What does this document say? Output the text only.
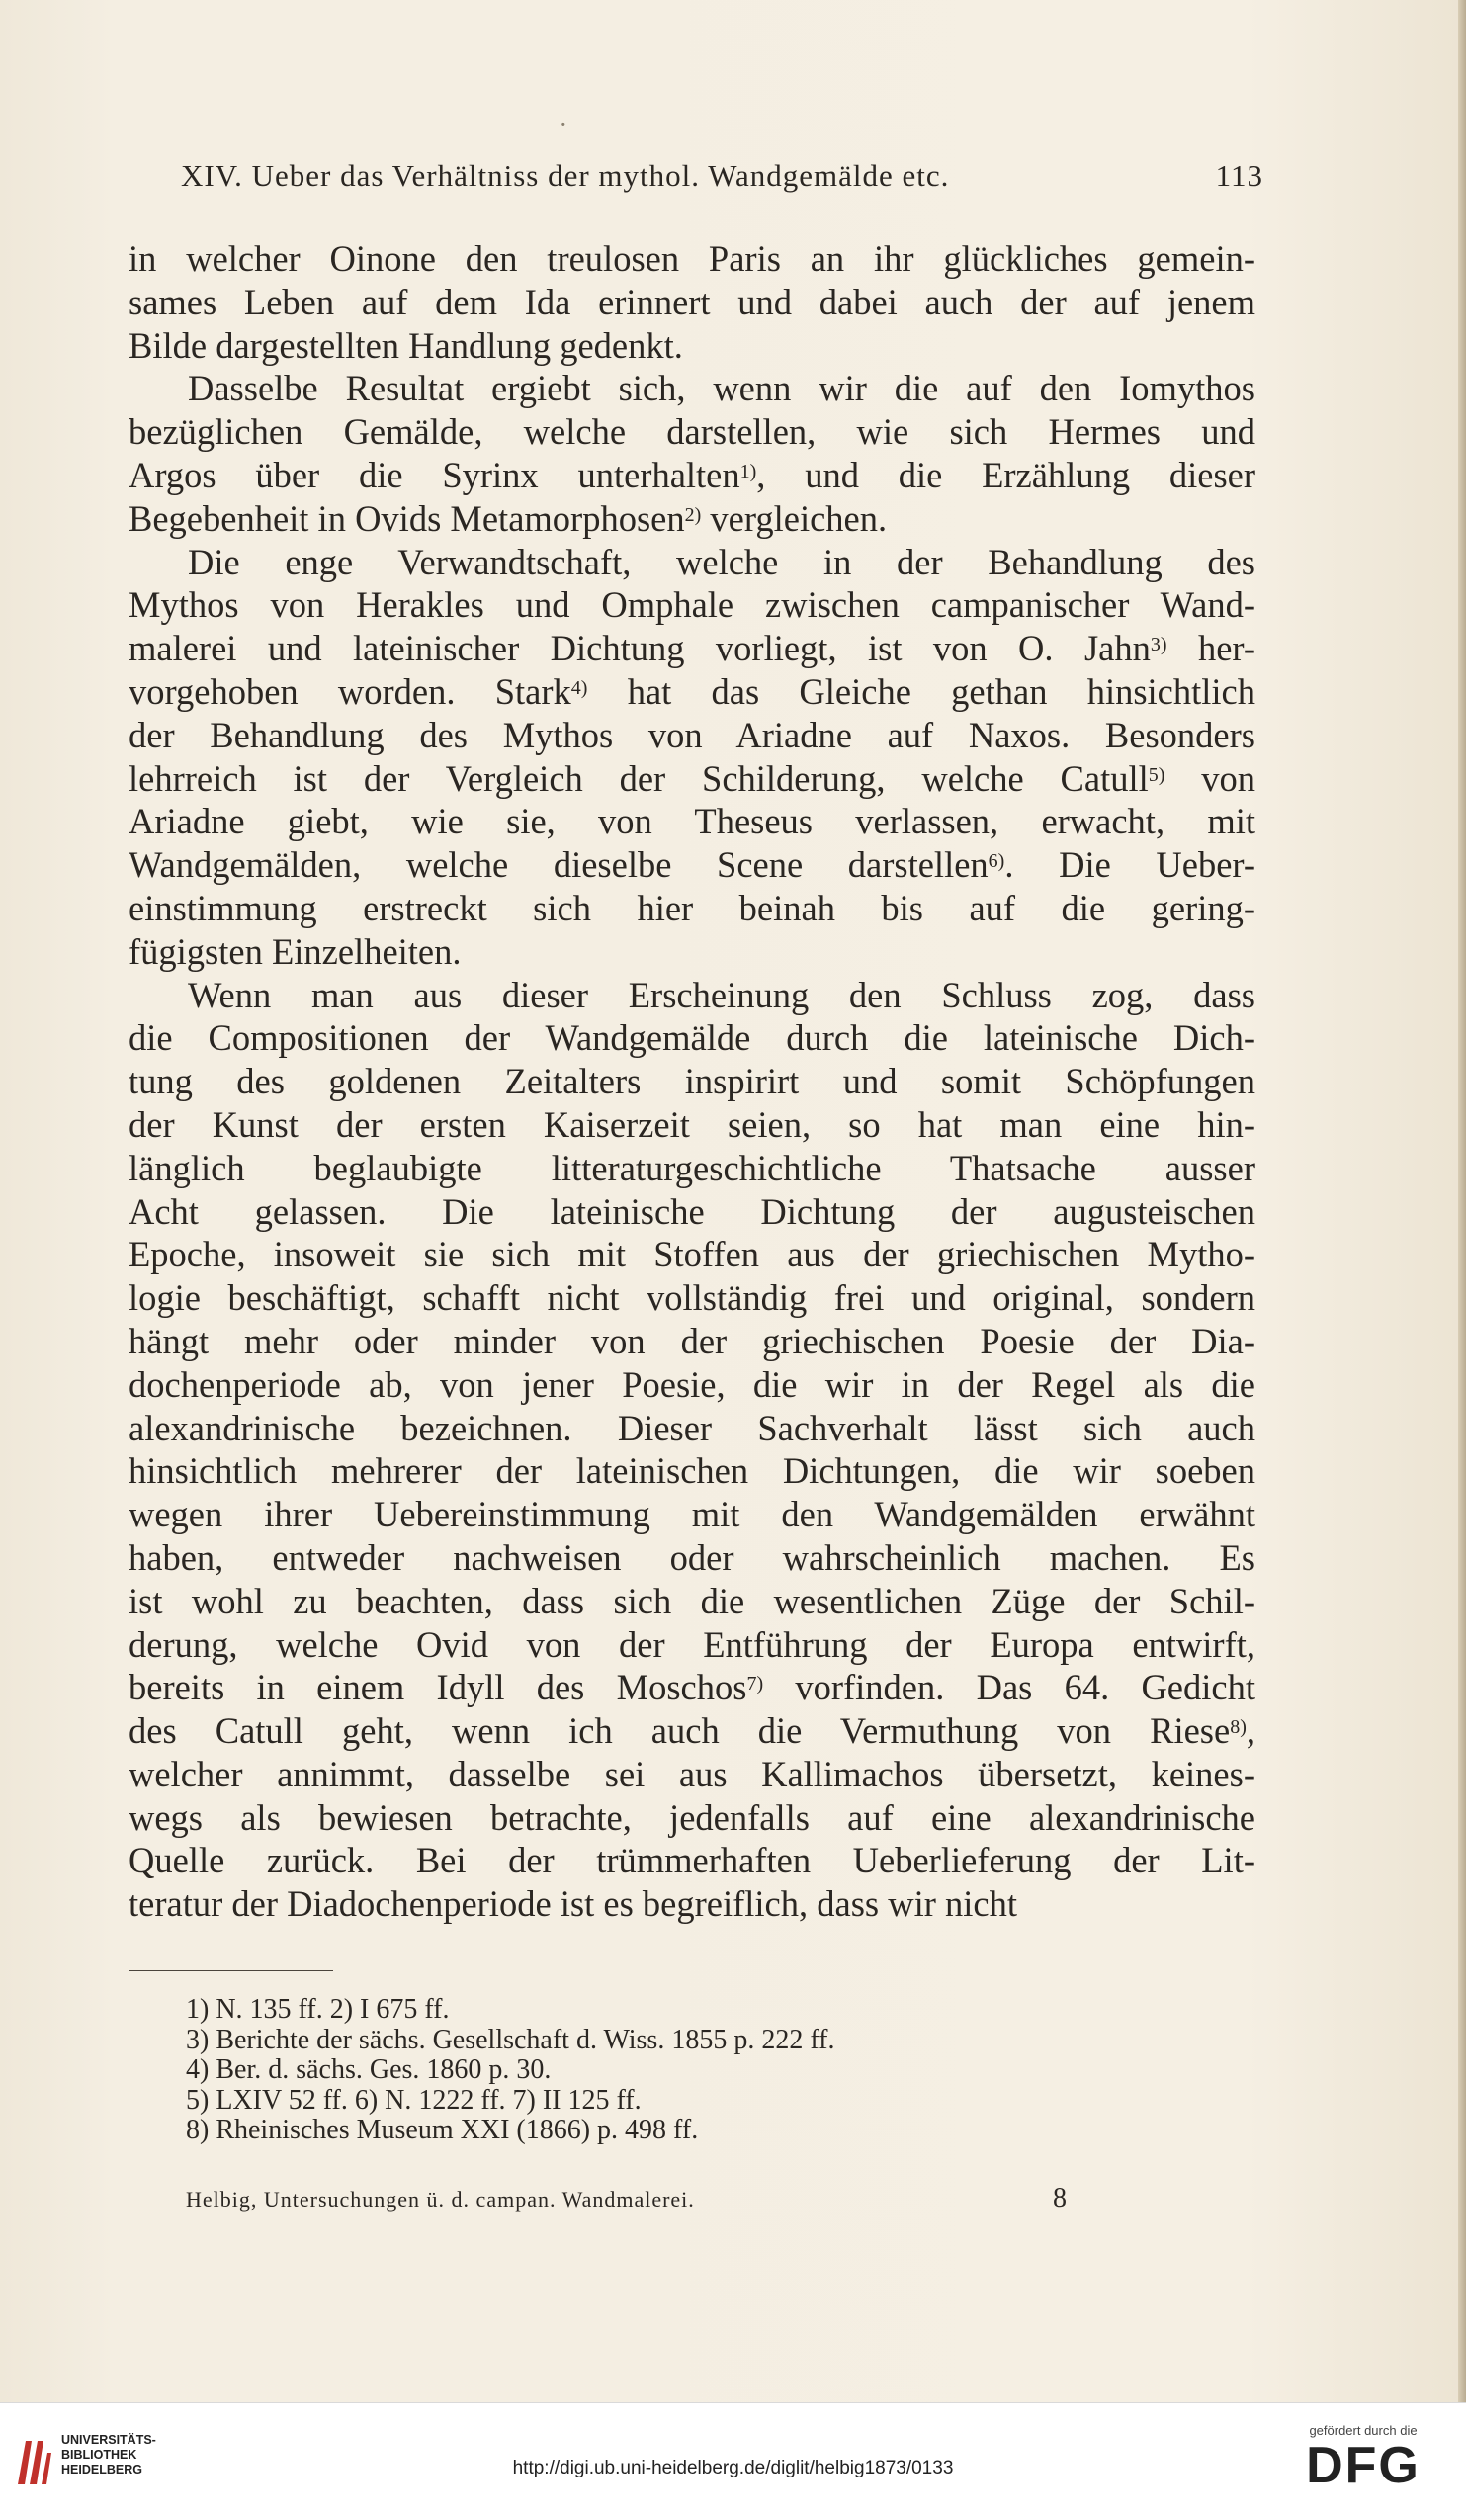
·
XIV. Ueber das Verhältniss der mythol. Wandgemälde etc.	113
in welcher Oinone den treulosen Paris an ihr glückliches gemein-
sames Leben auf dem Ida erinnert und dabei auch der auf jenem
Bilde dargestellten Handlung gedenkt.
Dasselbe Resultat ergiebt sich, wenn wir die auf den Iomythos
bezüglichen Gemälde, welche darstellen, wie sich Hermes und
Argos über die Syrinx unterhalten$^{1)}$, und die Erzählung dieser
Begebenheit in Ovids Metamorphosen$^{2)}$ vergleichen.
Die enge Verwandtschaft, welche in der Behandlung des
Mythos von Herakles und Omphale zwischen campanischer Wand-
malerei und lateinischer Dichtung vorliegt, ist von O. Jahn$^{3)}$ her-
vorgehoben worden. Stark$^{4)}$ hat das Gleiche gethan hinsichtlich
der Behandlung des Mythos von Ariadne auf Naxos. Besonders
lehrreich ist der Vergleich der Schilderung, welche Catull$^{5)}$ von
Ariadne giebt, wie sie, von Theseus verlassen, erwacht, mit
Wandgemälden, welche dieselbe Scene darstellen$^{6)}$. Die Ueber-
einstimmung erstreckt sich hier beinah bis auf die gering-
fügigsten Einzelheiten.
Wenn man aus dieser Erscheinung den Schluss zog, dass
die Compositionen der Wandgemälde durch die lateinische Dich-
tung des goldenen Zeitalters inspirirt und somit Schöpfungen
der Kunst der ersten Kaiserzeit seien, so hat man eine hin-
länglich beglaubigte litteraturgeschichtliche Thatsache ausser
Acht gelassen. Die lateinische Dichtung der augusteischen
Epoche, insoweit sie sich mit Stoffen aus der griechischen Mytho-
logie beschäftigt, schafft nicht vollständig frei und original, sondern
hängt mehr oder minder von der griechischen Poesie der Dia-
dochenperiode ab, von jener Poesie, die wir in der Regel als die
alexandrinische bezeichnen. Dieser Sachverhalt lässt sich auch
hinsichtlich mehrerer der lateinischen Dichtungen, die wir soeben
wegen ihrer Uebereinstimmung mit den Wandgemälden erwähnt
haben, entweder nachweisen oder wahrscheinlich machen. Es
ist wohl zu beachten, dass sich die wesentlichen Züge der Schil-
derung, welche Ovid von der Entführung der Europa entwirft,
bereits in einem Idyll des Moschos$^{7)}$ vorfinden. Das 64. Gedicht
des Catull geht, wenn ich auch die Vermuthung von Riese$^{8)}$,
welcher annimmt, dasselbe sei aus Kallimachos übersetzt, keines-
wegs als bewiesen betrachte, jedenfalls auf eine alexandrinische
Quelle zurück. Bei der trümmerhaften Ueberlieferung der Lit-
teratur der Diadochenperiode ist es begreiflich, dass wir nicht
1) N. 135 ff. 2) I 675 ff.
3) Berichte der sächs. Gesellschaft d. Wiss. 1855 p. 222 ff.
4) Ber. d. sächs. Ges. 1860 p. 30.
5) LXIV 52 ff. 6) N. 1222 ff. 7) II 125 ff.
8) Rheinisches Museum XXI (1866) p. 498 ff.
Helbig, Untersuchungen ü. d. campan. Wandmalerei.	8
UNIVERSITÄTS-
BIBLIOTHEK
HEIDELBERG	http://digi.ub.uni-heidelberg.de/diglit/helbig1873/0133
gefördert durch die
DFG
